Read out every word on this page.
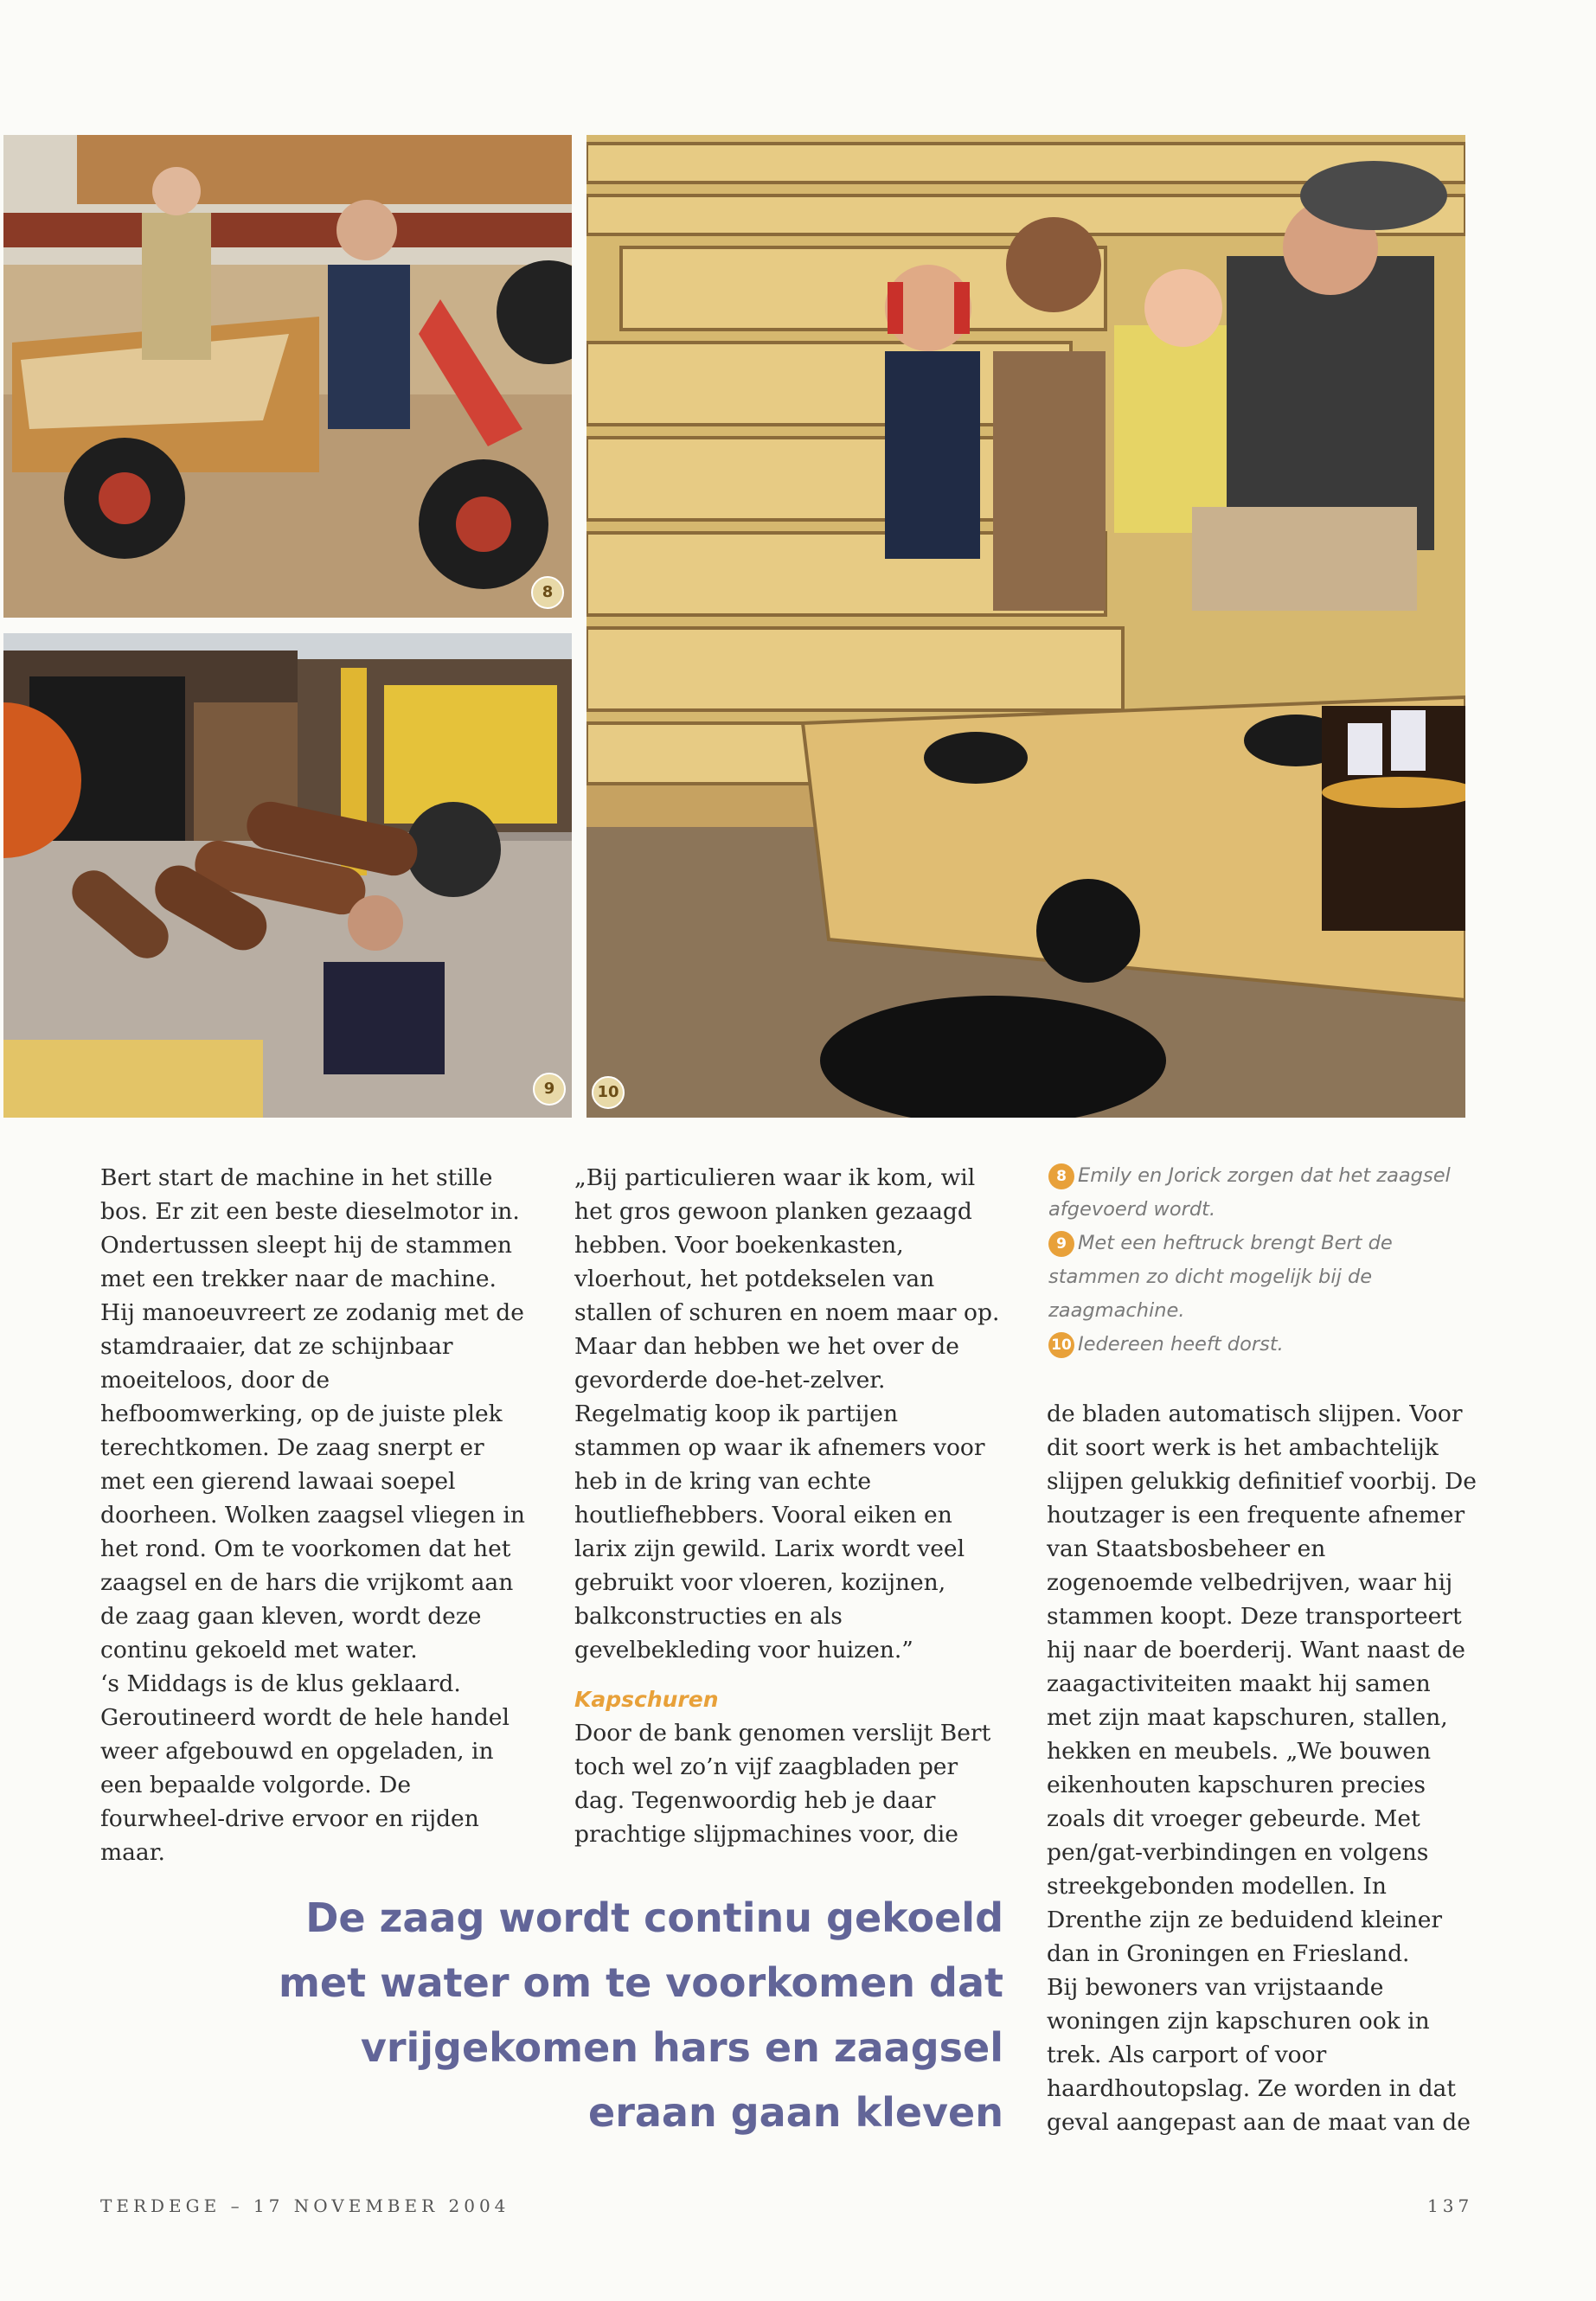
8
9	10

Bert start de machine in het stille bos. Er zit een beste dieselmotor in. Ondertussen sleept hij de stammen met een trekker naar de machine. Hij manoeuvreert ze zodanig met de stamdraaier, dat ze schijnbaar moeiteloos, door de hefboomwerking, op de juiste plek terechtkomen. De zaag snerpt er met een gierend lawaai soepel doorheen. Wolken zaagsel vliegen in het rond. Om te voorkomen dat het zaagsel en de hars die vrijkomt aan de zaag gaan kleven, wordt deze continu gekoeld met water.
‘s Middags is de klus geklaard. Geroutineerd wordt de hele handel weer afgebouwd en opgeladen, in een bepaalde volgorde. De fourwheel-drive ervoor en rijden maar.

„Bij particulieren waar ik kom, wil het gros gewoon planken gezaagd hebben. Voor boekenkasten, vloerhout, het potdekselen van stallen of schuren en noem maar op. Maar dan hebben we het over de gevorderde doe-het-zelver. Regelmatig koop ik partijen stammen op waar ik afnemers voor heb in de kring van echte houtliefhebbers. Vooral eiken en larix zijn gewild. Larix wordt veel gebruikt voor vloeren, kozijnen, balkconstructies en als gevelbekleding voor huizen.”

Kapschuren

Door de bank genomen verslijt Bert toch wel zo’n vijf zaagbladen per dag. Tegenwoordig heb je daar prachtige slijpmachines voor, die

8 Emily en Jorick zorgen dat het zaagsel afgevoerd wordt.

9 Met een heftruck brengt Bert de stammen zo dicht mogelijk bij de zaagmachine.

10 Iedereen heeft dorst.

de bladen automatisch slijpen. Voor dit soort werk is het ambachtelijk slijpen gelukkig definitief voorbij. De houtzager is een frequente afnemer van Staatsbosbeheer en zogenoemde velbedrijven, waar hij stammen koopt. Deze transporteert hij naar de boerderij. Want naast de zaagactiviteiten maakt hij samen met zijn maat kapschuren, stallen, hekken en meubels. „We bouwen eikenhouten kapschuren precies zoals dit vroeger gebeurde. Met pen/gat-verbindingen en volgens streekgebonden modellen. In Drenthe zijn ze beduidend kleiner dan in Groningen en Friesland.
Bij bewoners van vrijstaande woningen zijn kapschuren ook in trek. Als carport of voor haardhoutopslag. Ze worden in dat geval aangepast aan de maat van de

De zaag wordt continu gekoeld

met water om te voorkomen dat

vrijgekomen hars en zaagsel

eraan gaan kleven

TERDEGE – 17 NOVEMBER 2004	137
